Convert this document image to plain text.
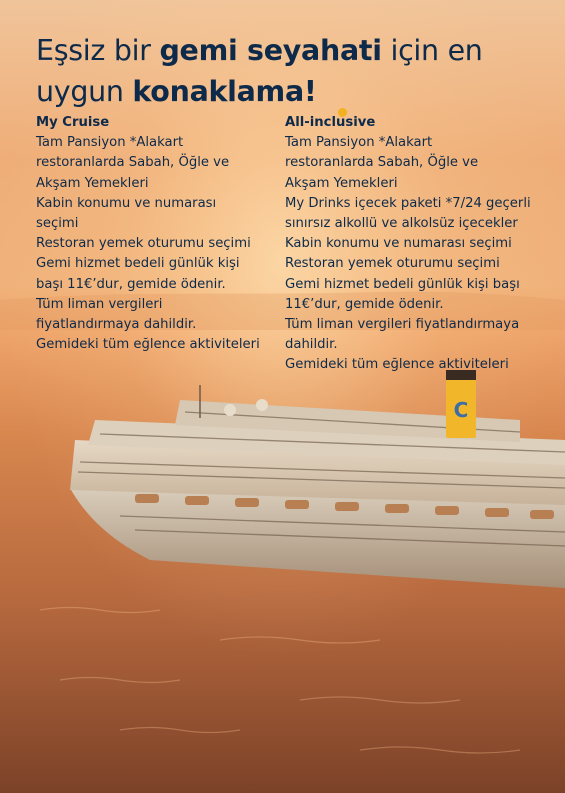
C
Eşsiz bir gemi seyahati için en
uygun konaklama!
My Cruise
Tam Pansiyon *Alakart
restoranlarda Sabah, Öğle ve
Akşam Yemekleri
Kabin konumu ve numarası
seçimi
Restoran yemek oturumu seçimi
Gemi hizmet bedeli günlük kişi
başı 11€’dur, gemide ödenir.
Tüm liman vergileri
fiyatlandırmaya dahildir.
Gemideki tüm eğlence aktiviteleri
All-inclusive
Tam Pansiyon *Alakart
restoranlarda Sabah, Öğle ve
Akşam Yemekleri
My Drinks içecek paketi *7/24 geçerli
sınırsız alkollü ve alkolsüz içecekler
Kabin konumu ve numarası seçimi
Restoran yemek oturumu seçimi
Gemi hizmet bedeli günlük kişi başı
11€’dur, gemide ödenir.
Tüm liman vergileri fiyatlandırmaya
dahildir.
Gemideki tüm eğlence aktiviteleri
